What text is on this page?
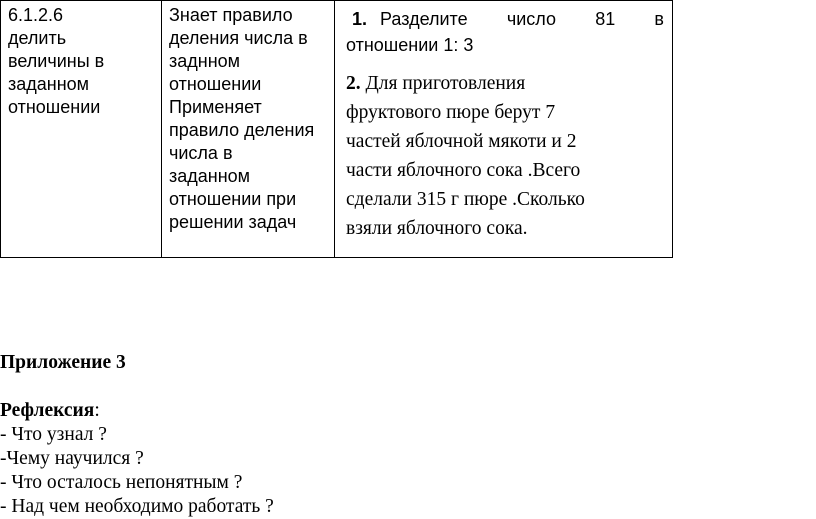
6.1.2.6
делить
величины в
заданном
отношении

Знает правило
деления числа в
заднном
отношении
Применяет
правило деления
числа в
заданном
отношении при
решении задач

1. Разделите число 81 в
отношении 1: 3
2. Для приготовления
фруктового пюре берут 7
частей яблочной мякоти и 2
части яблочного сока .Всего
сделали 315 г пюре .Сколько
взяли яблочного сока.
Приложение 3
Рефлексия:
- Что узнал ?
-Чему научился ?
- Что осталось непонятным ?
- Над чем необходимо работать ?
